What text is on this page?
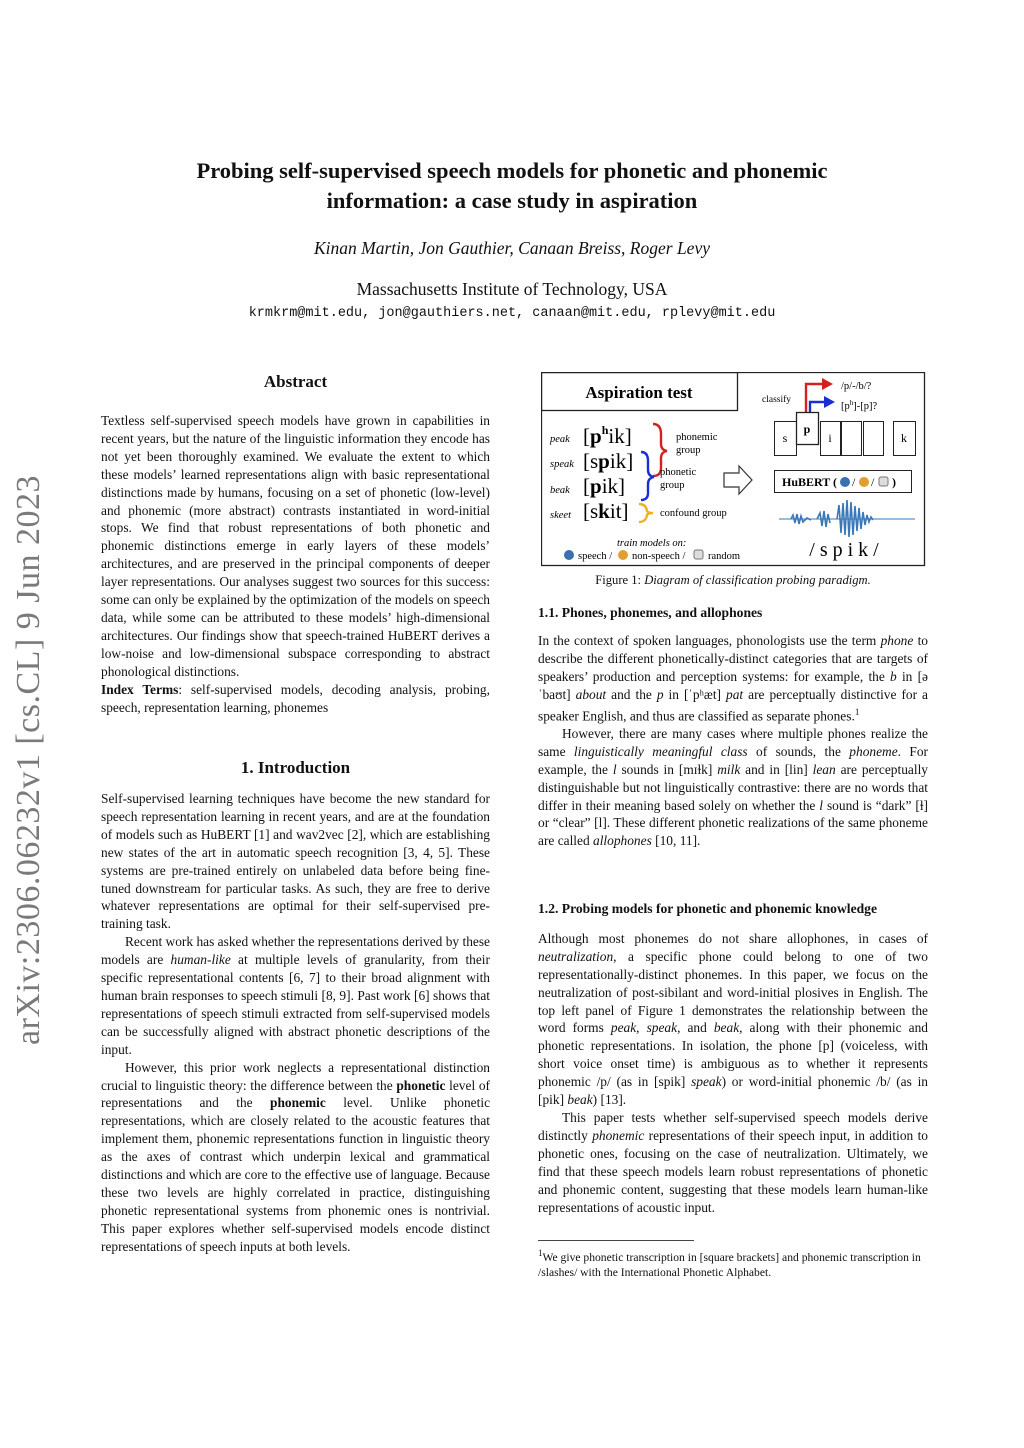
Probing self-supervised speech models for phonetic and phonemic
information: a case study in aspiration
Kinan Martin, Jon Gauthier, Canaan Breiss, Roger Levy
Massachusetts Institute of Technology, USA
krmkrm@mit.edu, jon@gauthiers.net, canaan@mit.edu, rplevy@mit.edu
arXiv:2306.06232v1 [cs.CL] 9 Jun 2023
Abstract

Textless self-supervised speech models have grown in capabilities in recent years, but the nature of the linguistic information they encode has not yet been thoroughly examined. We evaluate the extent to which these models’ learned representations align with basic representational distinctions made by humans, focusing on a set of phonetic (low-level) and phonemic (more abstract) contrasts instantiated in word-initial stops. We find that robust representations of both phonetic and phonemic distinctions emerge in early layers of these models’ architectures, and are preserved in the principal components of deeper layer representations. Our analyses suggest two sources for this success: some can only be explained by the optimization of the models on speech data, while some can be attributed to these models’ high-dimensional architectures. Our findings show that speech-trained HuBERT derives a low-noise and low-dimensional subspace corresponding to abstract phonological distinctions.

Index Terms: self-supervised models, decoding analysis, probing, speech, representation learning, phonemes

1. Introduction

Self-supervised learning techniques have become the new standard for speech representation learning in recent years, and are at the foundation of models such as HuBERT [1] and wav2vec [2], which are establishing new states of the art in automatic speech recognition [3, 4, 5]. These systems are pre-trained entirely on unlabeled data before being fine-tuned downstream for particular tasks. As such, they are free to derive whatever representations are optimal for their self-supervised pre-training task.

Recent work has asked whether the representations derived by these models are human-like at multiple levels of granularity, from their specific representational contents [6, 7] to their broad alignment with human brain responses to speech stimuli [8, 9]. Past work [6] shows that representations of speech stimuli extracted from self-supervised models can be successfully aligned with abstract phonetic descriptions of the input.

However, this prior work neglects a representational distinction crucial to linguistic theory: the difference between the phonetic level of representations and the phonemic level. Unlike phonetic representations, which are closely related to the acoustic features that implement them, phonemic representations function in linguistic theory as the axes of contrast which underpin lexical and grammatical distinctions and which are core to the effective use of language. Because these two levels are highly correlated in practice, distinguishing phonetic representational systems from phonemic ones is nontrivial. This paper explores whether self-supervised models encode distinct representations of speech inputs at both levels.

Aspiration test
peak
speak
beak
skeet
$[p^hik]$
[spik]
[pik]
[skit]
phonemic
group
phonetic
group
confound group
classify
/p/-/b/?
$[p^h]-[p]$?
s
p
i	k
HuBERT ( / / )
/ s p i k /
train models on:
speech / non-speech / random
Figure 1: Diagram of classification probing paradigm.
1.1. Phones, phonemes, and allophones

In the context of spoken languages, phonologists use the term phone to describe the different phonetically-distinct categories that are targets of speakers’ production and perception systems: for example, the b in [əˈbaʊt] about and the p in [ˈpʰæt] pat are perceptually distinctive for a speaker English, and thus are classified as separate phones.$^1$

However, there are many cases where multiple phones realize the same linguistically meaningful class of sounds, the phoneme. For example, the l sounds in [mɪɫk] milk and in [lin] lean are perceptually distinguishable but not linguistically contrastive: there are no words that differ in their meaning based solely on whether the l sound is “dark” [ɫ] or “clear” [l]. These different phonetic realizations of the same phoneme are called allophones [10, 11].

1.2. Probing models for phonetic and phonemic knowledge

Although most phonemes do not share allophones, in cases of neutralization, a specific phone could belong to one of two representationally-distinct phonemes. In this paper, we focus on the neutralization of post-sibilant and word-initial plosives in English. The top left panel of Figure 1 demonstrates the relationship between the word forms peak, speak, and beak, along with their phonemic and phonetic representations. In isolation, the phone [p] (voiceless, with short voice onset time) is ambiguous as to whether it represents phonemic /p/ (as in [spik] speak) or word-initial phonemic /b/ (as in [pik] beak) [13].

This paper tests whether self-supervised speech models derive distinctly phonemic representations of their speech input, in addition to phonetic ones, focusing on the case of neutralization. Ultimately, we find that these speech models learn robust representations of phonetic and phonemic content, suggesting that these models learn human-like representations of acoustic input.

$^1$We give phonetic transcription in [square brackets] and phonemic transcription in /slashes/ with the International Phonetic Alphabet.
